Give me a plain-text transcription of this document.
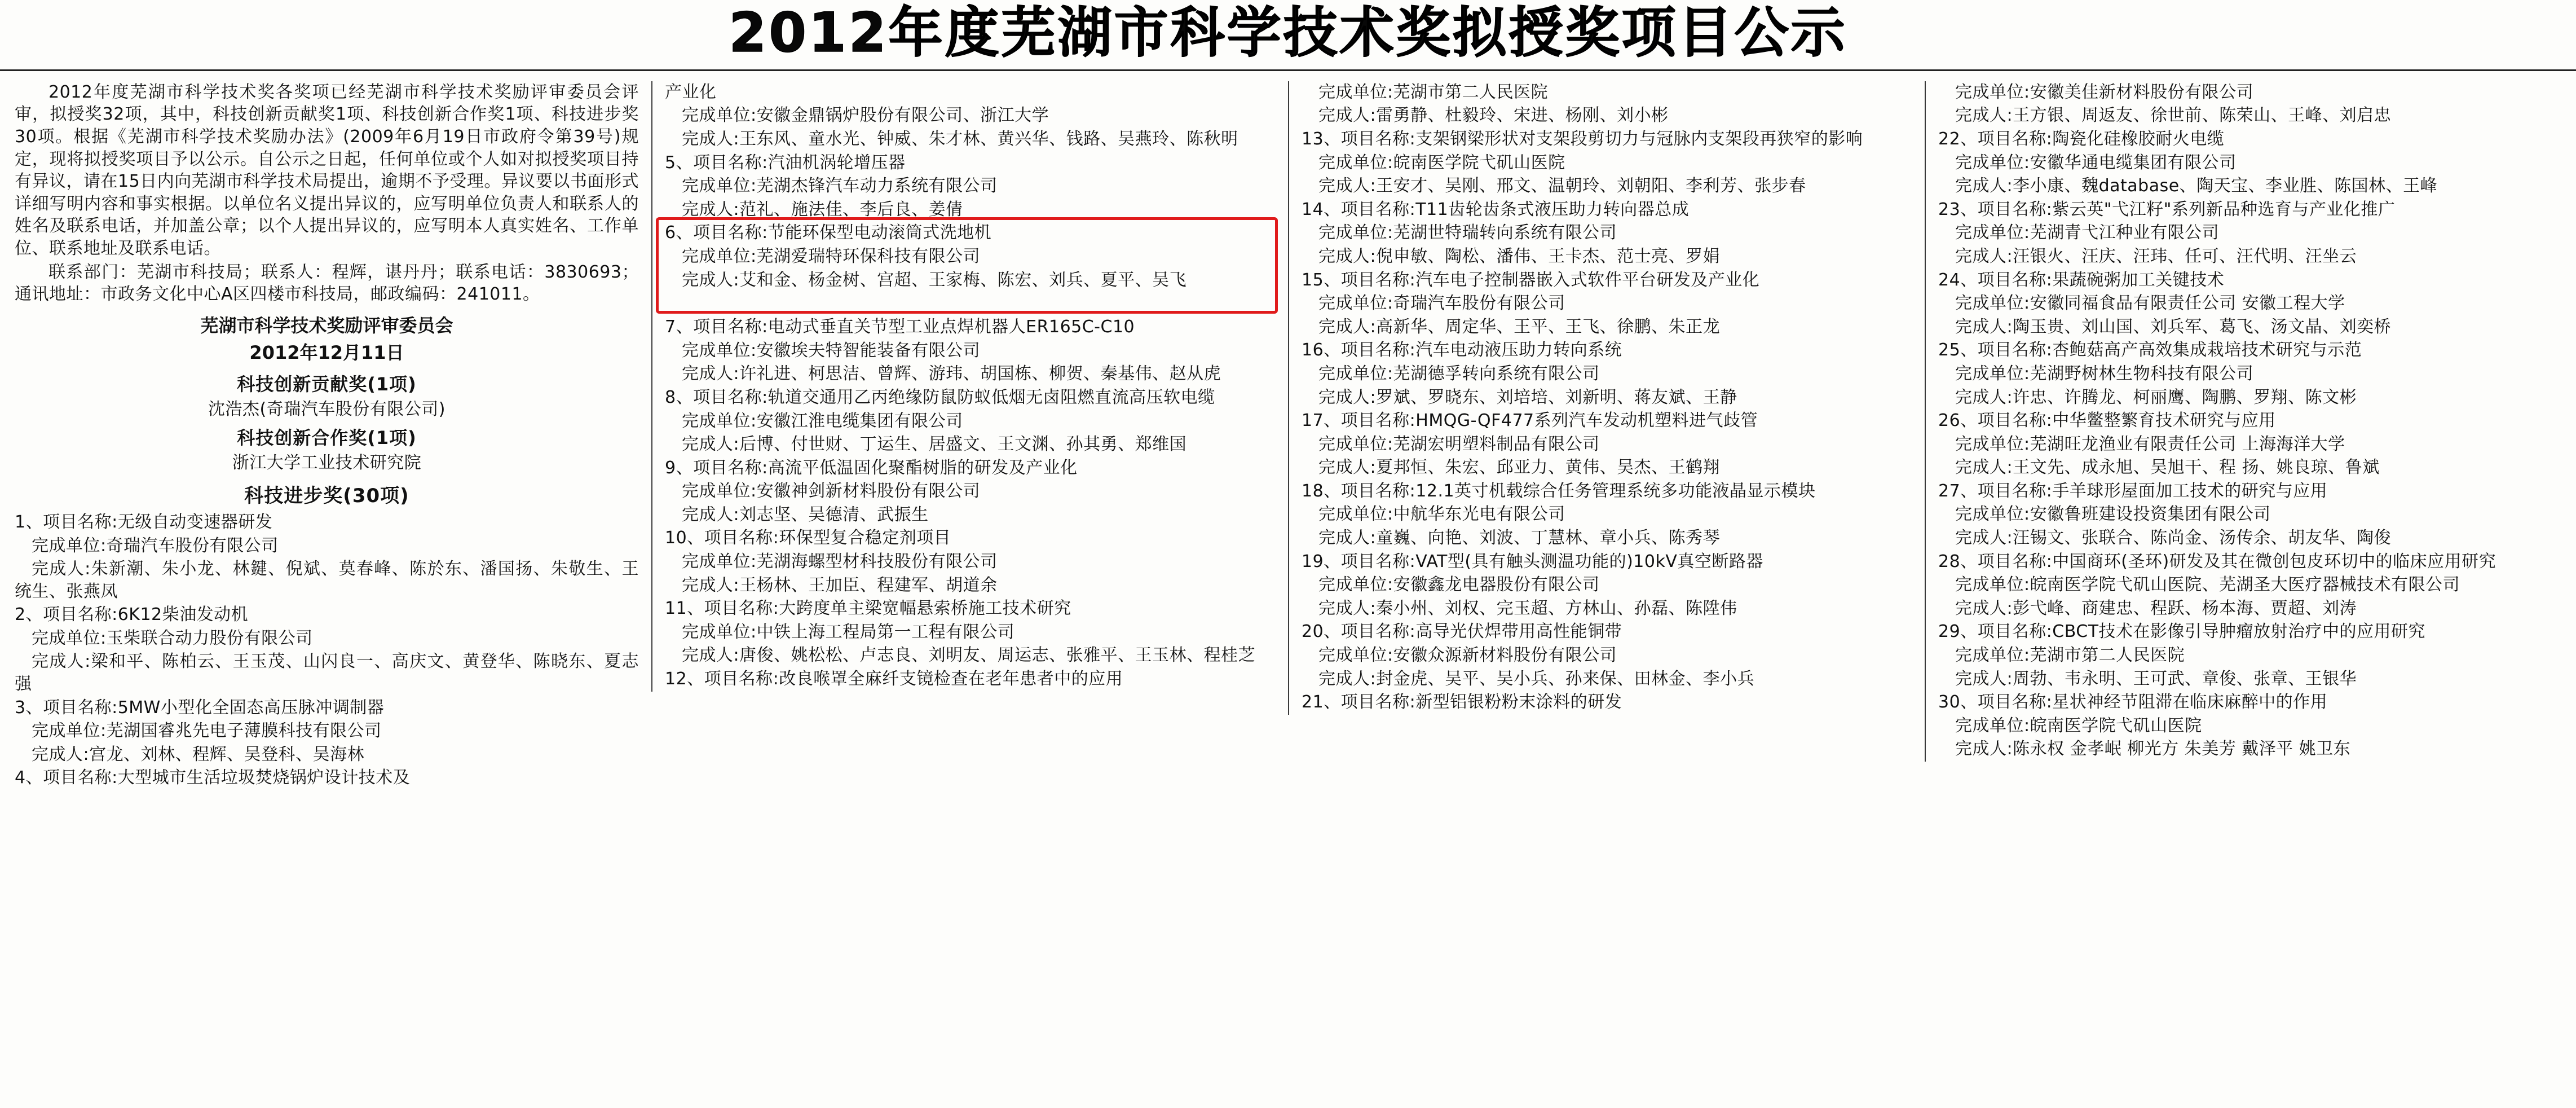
2012年度芜湖市科学技术奖拟授奖项目公示

2012年度芜湖市科学技术奖各奖项已经芜湖市科学技术奖励评审委员会评审，拟授奖32项，其中，科技创新贡献奖1项、科技创新合作奖1项、科技进步奖30项。根据《芜湖市科学技术奖励办法》(2009年6月19日市政府令第39号)规定，现将拟授奖项目予以公示。自公示之日起，任何单位或个人如对拟授奖项目持有异议，请在15日内向芜湖市科学技术局提出，逾期不予受理。异议要以书面形式详细写明内容和事实根据。以单位名义提出异议的，应写明单位负责人和联系人的姓名及联系电话，并加盖公章；以个人提出异议的，应写明本人真实姓名、工作单位、联系地址及联系电话。

联系部门：芜湖市科技局；联系人：程辉，谌丹丹；联系电话：3830693；通讯地址：市政务文化中心A区四楼市科技局，邮政编码：241011。

芜湖市科学技术奖励评审委员会

2012年12月11日

科技创新贡献奖(1项)

沈浩杰(奇瑞汽车股份有限公司)

科技创新合作奖(1项)

浙江大学工业技术研究院

科技进步奖(30项)

1、项目名称:无级自动变速器研发

完成单位:奇瑞汽车股份有限公司

完成人:朱新潮、朱小龙、林鍵、倪斌、莫春峰、陈於东、潘国扬、朱敬生、王统生、张燕凤

2、项目名称:6K12柴油发动机

完成单位:玉柴联合动力股份有限公司

完成人:梁和平、陈柏云、王玉茂、山闪良一、高庆文、黄登华、陈晓东、夏志强

3、项目名称:5MW小型化全固态高压脉冲调制器

完成单位:芜湖国睿兆先电子薄膜科技有限公司

完成人:宫龙、刘林、程辉、吴登科、吴海林

4、项目名称:大型城市生活垃圾焚烧锅炉设计技术及

产业化

完成单位:安徽金鼎锅炉股份有限公司、浙江大学

完成人:王东风、童水光、钟威、朱才林、黄兴华、钱路、吴燕玲、陈秋明

5、项目名称:汽油机涡轮增压器

完成单位:芜湖杰锋汽车动力系统有限公司

完成人:范礼、施法佳、李后良、姜倩

6、项目名称:节能环保型电动滚筒式洗地机

完成单位:芜湖爱瑞特环保科技有限公司

完成人:艾和金、杨金树、宫超、王家梅、陈宏、刘兵、夏平、吴飞

7、项目名称:电动式垂直关节型工业点焊机器人ER165C-C10

完成单位:安徽埃夫特智能装备有限公司

完成人:许礼进、柯思洁、曾辉、游玮、胡国栋、柳贺、秦基伟、赵从虎

8、项目名称:轨道交通用乙丙绝缘防鼠防蚁低烟无卤阻燃直流高压软电缆

完成单位:安徽江淮电缆集团有限公司

完成人:后博、付世财、丁运生、居盛文、王文渊、孙其勇、郑维国

9、项目名称:高流平低温固化聚酯树脂的研发及产业化

完成单位:安徽神剑新材料股份有限公司

完成人:刘志坚、吴德清、武振生

10、项目名称:环保型复合稳定剂项目

完成单位:芜湖海螺型材科技股份有限公司

完成人:王杨林、王加臣、程建军、胡道余

11、项目名称:大跨度单主梁宽幅悬索桥施工技术研究

完成单位:中铁上海工程局第一工程有限公司

完成人:唐俊、姚松松、卢志良、刘明友、周运志、张雅平、王玉林、程桂芝

12、项目名称:改良喉罩全麻纤支镜检查在老年患者中的应用

完成单位:芜湖市第二人民医院

完成人:雷勇静、杜毅玲、宋进、杨刚、刘小彬

13、项目名称:支架钢梁形状对支架段剪切力与冠脉内支架段再狭窄的影响

完成单位:皖南医学院弋矶山医院

完成人:王安才、吴刚、邢文、温朝玲、刘朝阳、李利芳、张步春

14、项目名称:T11齿轮齿条式液压助力转向器总成

完成单位:芜湖世特瑞转向系统有限公司

完成人:倪申敏、陶松、潘伟、王卡杰、范士亮、罗娟

15、项目名称:汽车电子控制器嵌入式软件平台研发及产业化

完成单位:奇瑞汽车股份有限公司

完成人:高新华、周定华、王平、王飞、徐鹏、朱正龙

16、项目名称:汽车电动液压助力转向系统

完成单位:芜湖德孚转向系统有限公司

完成人:罗斌、罗晓东、刘培培、刘新明、蒋友斌、王静

17、项目名称:HMQG-QF477系列汽车发动机塑料进气歧管

完成单位:芜湖宏明塑料制品有限公司

完成人:夏邦恒、朱宏、邱亚力、黄伟、吴杰、王鹤翔

18、项目名称:12.1英寸机载综合任务管理系统多功能液晶显示模块

完成单位:中航华东光电有限公司

完成人:童巍、向艳、刘波、丁慧林、章小兵、陈秀琴

19、项目名称:VAT型(具有触头测温功能的)10kV真空断路器

完成单位:安徽鑫龙电器股份有限公司

完成人:秦小州、刘权、完玉超、方林山、孙磊、陈陞伟

20、项目名称:高导光伏焊带用高性能铜带

完成单位:安徽众源新材料股份有限公司

完成人:封金虎、吴平、吴小兵、孙来保、田林金、李小兵

21、项目名称:新型铝银粉粉末涂料的研发

完成单位:安徽美佳新材料股份有限公司

完成人:王方银、周返友、徐世前、陈荣山、王峰、刘启忠

22、项目名称:陶瓷化硅橡胶耐火电缆

完成单位:安徽华通电缆集团有限公司

完成人:李小康、魏database、陶天宝、李业胜、陈国林、王峰

23、项目名称:紫云英"弋江籽"系列新品种选育与产业化推广

完成单位:芜湖青弋江种业有限公司

完成人:汪银火、汪庆、汪玮、任可、汪代明、汪坐云

24、项目名称:果蔬碗粥加工关键技术

完成单位:安徽同福食品有限责任公司 安徽工程大学

完成人:陶玉贵、刘山国、刘兵军、葛飞、汤文晶、刘奕桥

25、项目名称:杏鲍菇高产高效集成栽培技术研究与示范

完成单位:芜湖野树林生物科技有限公司

完成人:许忠、许腾龙、柯丽鹰、陶鹏、罗翔、陈文彬

26、项目名称:中华鳖整繁育技术研究与应用

完成单位:芜湖旺龙渔业有限责任公司 上海海洋大学

完成人:王文先、成永旭、吴旭干、程 扬、姚良琼、鲁斌

27、项目名称:手羊球形屋面加工技术的研究与应用

完成单位:安徽鲁班建设投资集团有限公司

完成人:汪锡文、张联合、陈尚金、汤传余、胡友华、陶俊

28、项目名称:中国商环(圣环)研发及其在微创包皮环切中的临床应用研究

完成单位:皖南医学院弋矶山医院、芜湖圣大医疗器械技术有限公司

完成人:彭弋峰、商建忠、程跃、杨本海、贾超、刘涛

29、项目名称:CBCT技术在影像引导肿瘤放射治疗中的应用研究

完成单位:芜湖市第二人民医院

完成人:周勃、韦永明、王可武、章俊、张章、王银华

30、项目名称:星状神经节阻滞在临床麻醉中的作用

完成单位:皖南医学院弋矶山医院

完成人:陈永权 金孝岷 柳光方 朱美芳 戴泽平 姚卫东
